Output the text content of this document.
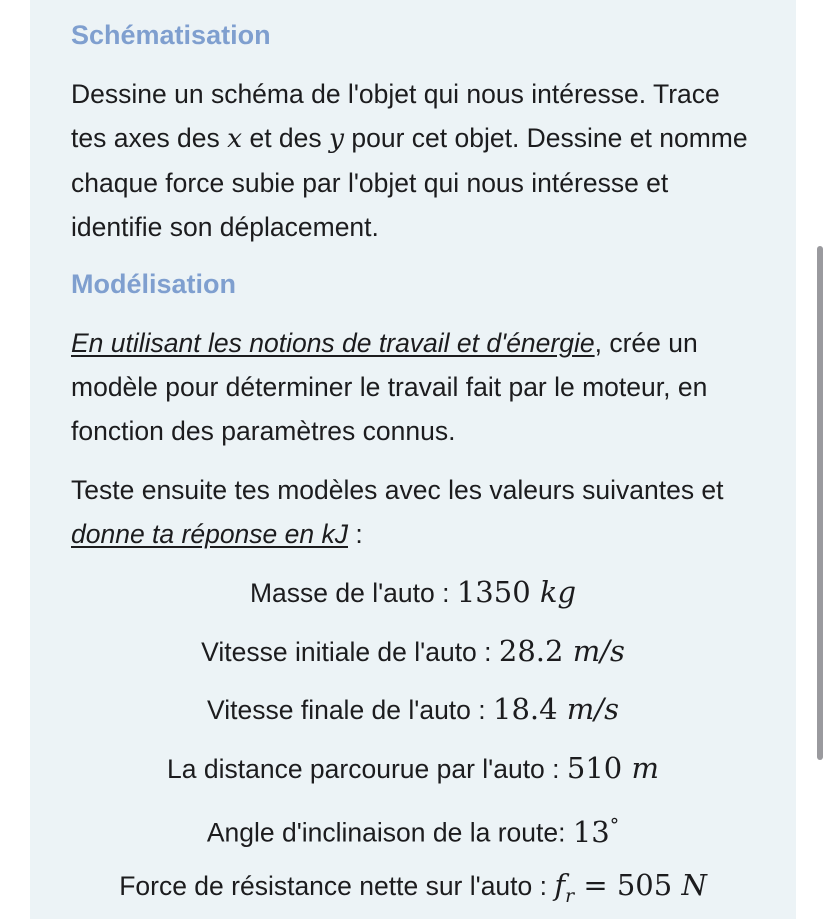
Schématisation

Dessine un schéma de l'objet qui nous intéresse. Trace tes axes des x et des y pour cet objet. Dessine et nomme chaque force subie par l'objet qui nous intéresse et identifie son déplacement.

Modélisation

En utilisant les notions de travail et d'énergie, crée un modèle pour déterminer le travail fait par le moteur, en fonction des paramètres connus.

Teste ensuite tes modèles avec les valeurs suivantes et donne ta réponse en kJ :

Masse de l'auto : 1350 kg
Vitesse initiale de l'auto : 28.2 m/s
Vitesse finale de l'auto : 18.4 m/s
La distance parcourue par l'auto : 510 m
Angle d'inclinaison de la route: 13°
Force de résistance nette sur l'auto : $f_r = 505$ N
